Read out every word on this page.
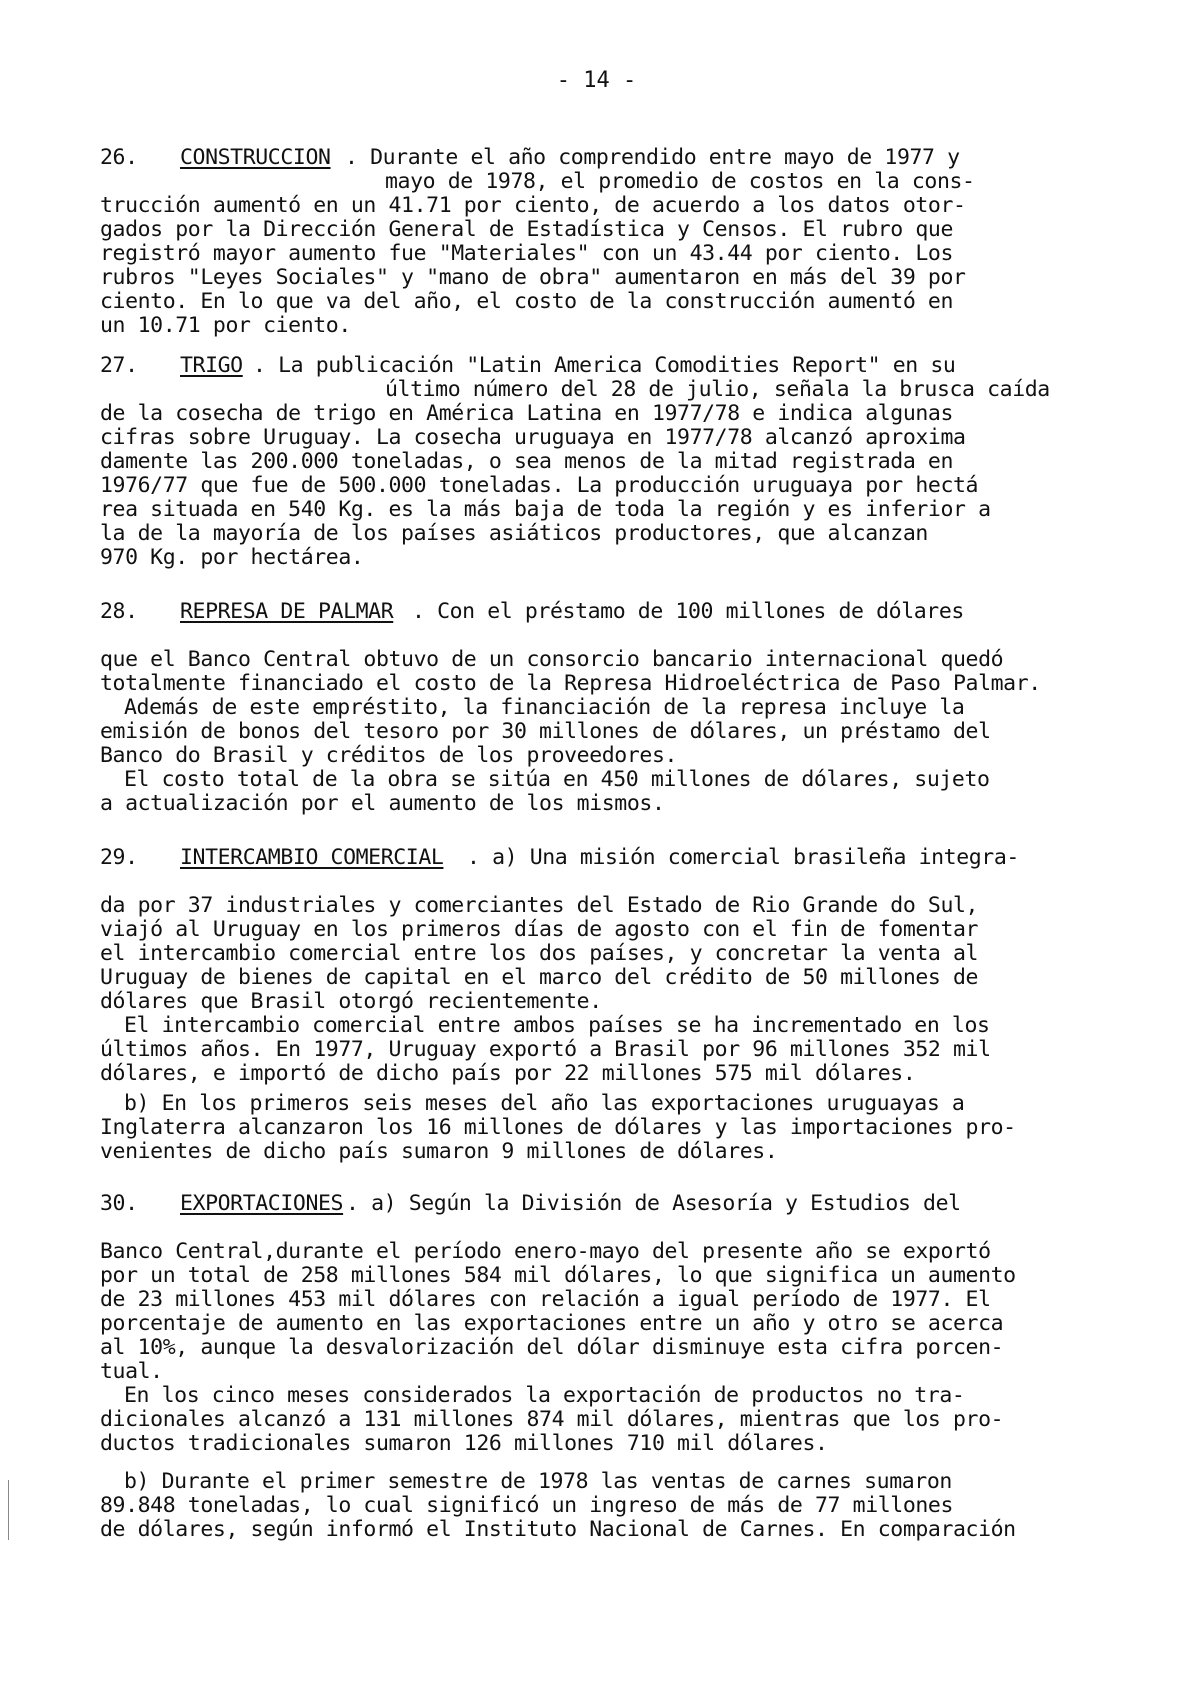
- 14 -
26. CONSTRUCCION . Durante el año comprendido entre mayo de 1977 y
mayo de 1978, el promedio de costos en la cons-
trucción aumentó en un 41.71 por ciento, de acuerdo a los datos otor-
gados por la Dirección General de Estadística y Censos. El rubro que
registró mayor aumento fue "Materiales" con un 43.44 por ciento. Los
rubros "Leyes Sociales" y "mano de obra" aumentaron en más del 39 por
ciento. En lo que va del año, el costo de la construcción aumentó en
un 10.71 por ciento.
27. TRIGO . La publicación "Latin America Comodities Report" en su
último número del 28 de julio, señala la brusca caída
de la cosecha de trigo en América Latina en 1977/78 e indica algunas
cifras sobre Uruguay. La cosecha uruguaya en 1977/78 alcanzó aproxima
damente las 200.000 toneladas, o sea menos de la mitad registrada en
1976/77 que fue de 500.000 toneladas. La producción uruguaya por hectá
rea situada en 540 Kg. es la más baja de toda la región y es inferior a
la de la mayoría de los países asiáticos productores, que alcanzan
970 Kg. por hectárea.
28. REPRESA DE PALMAR . Con el préstamo de 100 millones de dólares
que el Banco Central obtuvo de un consorcio bancario internacional quedó
totalmente financiado el costo de la Represa Hidroeléctrica de Paso Palmar.
Además de este empréstito, la financiación de la represa incluye la
emisión de bonos del tesoro por 30 millones de dólares, un préstamo del
Banco do Brasil y créditos de los proveedores.
El costo total de la obra se sitúa en 450 millones de dólares, sujeto
a actualización por el aumento de los mismos.
29. INTERCAMBIO COMERCIAL . a) Una misión comercial brasileña integra-
da por 37 industriales y comerciantes del Estado de Rio Grande do Sul,
viajó al Uruguay en los primeros días de agosto con el fin de fomentar
el intercambio comercial entre los dos países, y concretar la venta al
Uruguay de bienes de capital en el marco del crédito de 50 millones de
dólares que Brasil otorgó recientemente.
El intercambio comercial entre ambos países se ha incrementado en los
últimos años. En 1977, Uruguay exportó a Brasil por 96 millones 352 mil
dólares, e importó de dicho país por 22 millones 575 mil dólares.
b) En los primeros seis meses del año las exportaciones uruguayas a
Inglaterra alcanzaron los 16 millones de dólares y las importaciones pro-
venientes de dicho país sumaron 9 millones de dólares.
30. EXPORTACIONES . a) Según la División de Asesoría y Estudios del
Banco Central,durante el período enero-mayo del presente año se exportó
por un total de 258 millones 584 mil dólares, lo que significa un aumento
de 23 millones 453 mil dólares con relación a igual período de 1977. El
porcentaje de aumento en las exportaciones entre un año y otro se acerca
al 10%, aunque la desvalorización del dólar disminuye esta cifra porcen-
tual.
En los cinco meses considerados la exportación de productos no tra-
dicionales alcanzó a 131 millones 874 mil dólares, mientras que los pro-
ductos tradicionales sumaron 126 millones 710 mil dólares.
b) Durante el primer semestre de 1978 las ventas de carnes sumaron
89.848 toneladas, lo cual significó un ingreso de más de 77 millones
de dólares, según informó el Instituto Nacional de Carnes. En comparación
